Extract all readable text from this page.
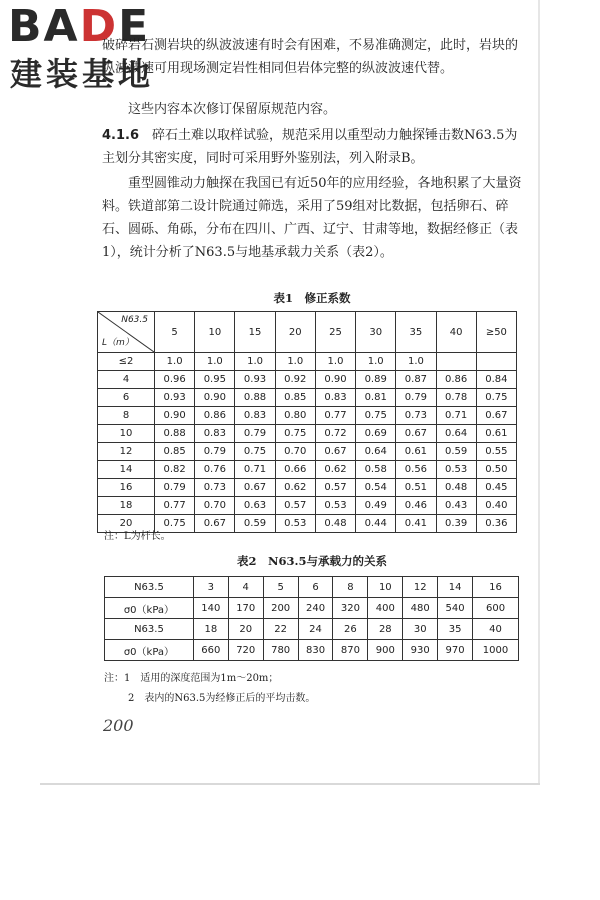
BADE
建装基地
破碎岩石测岩块的纵波波速有时会有困难，不易准确测定，此时，岩块的纵波波速可用现场测定岩性相同但岩体完整的纵波波速代替。
这些内容本次修订保留原规范内容。
4.1.6　 碎石土难以取样试验，规范采用以重型动力触探锤击数N63.5为主划分其密实度，同时可采用野外鉴别法，列入附录B。
重型圆锥动力触探在我国已有近50年的应用经验，各地积累了大量资料。铁道部第二设计院通过筛选，采用了59组对比数据，包括卵石、碎石、圆砾、角砾，分布在四川、广西、辽宁、甘肃等地，数据经修正（表1），统计分析了N63.5与地基承载力关系（表2）。
表1　修正系数
N63.5
L（m）	5	10	15	20	25	30	35	40	≥50
≤2	1.0	1.0	1.0	1.0	1.0	1.0	1.0		
4	0.96	0.95	0.93	0.92	0.90	0.89	0.87	0.86	0.84
6	0.93	0.90	0.88	0.85	0.83	0.81	0.79	0.78	0.75
8	0.90	0.86	0.83	0.80	0.77	0.75	0.73	0.71	0.67
10	0.88	0.83	0.79	0.75	0.72	0.69	0.67	0.64	0.61
12	0.85	0.79	0.75	0.70	0.67	0.64	0.61	0.59	0.55
14	0.82	0.76	0.71	0.66	0.62	0.58	0.56	0.53	0.50
16	0.79	0.73	0.67	0.62	0.57	0.54	0.51	0.48	0.45
18	0.77	0.70	0.63	0.57	0.53	0.49	0.46	0.43	0.40
20	0.75	0.67	0.59	0.53	0.48	0.44	0.41	0.39	0.36
注：L为杆长。
表2　N63.5与承载力的关系
N63.5	3	4	5	6	8	10	12	14	16
σ0（kPa）	140	170	200	240	320	400	480	540	600
N63.5	18	20	22	24	26	28	30	35	40
σ0（kPa）	660	720	780	830	870	900	930	970	1000
注：1　适用的深度范围为1m～20m；
2　表内的N63.5为经修正后的平均击数。
200
